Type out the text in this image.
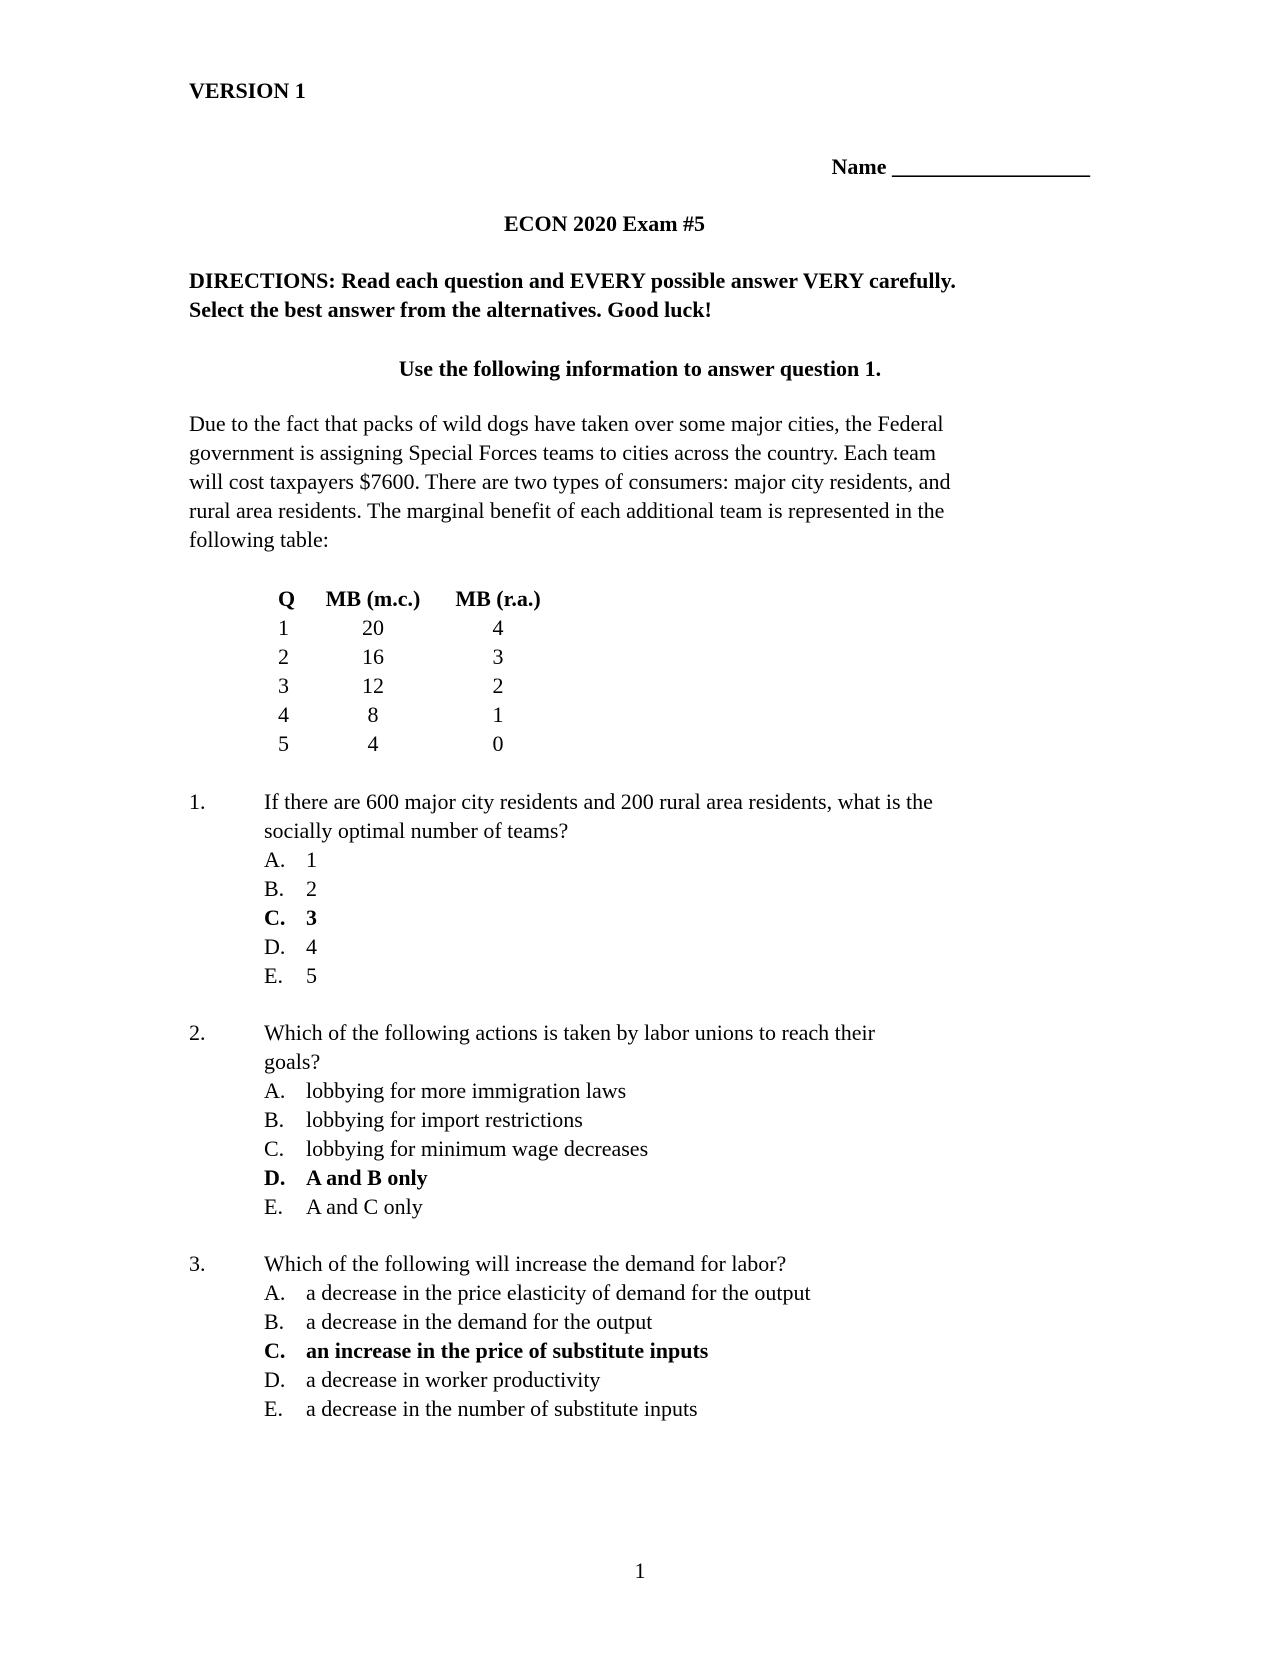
VERSION 1
Name __________________
ECON 2020 Exam #5
DIRECTIONS: Read each question and EVERY possible answer VERY carefully.
Select the best answer from the alternatives. Good luck!
Use the following information to answer question 1.
Due to the fact that packs of wild dogs have taken over some major cities, the Federal
government is assigning Special Forces teams to cities across the country. Each team
will cost taxpayers $7600. There are two types of consumers: major city residents, and
rural area residents. The marginal benefit of each additional team is represented in the
following table:
Q	MB (m.c.)	MB (r.a.)
1	20	4
2	16	3
3	12	2
4	8	1
5	4	0
1.	If there are 600 major city residents and 200 rural area residents, what is the
socially optimal number of teams?
A. 1
B. 2
C. 3
D. 4
E. 5
2.	Which of the following actions is taken by labor unions to reach their
goals?
A. lobbying for more immigration laws
B. lobbying for import restrictions
C. lobbying for minimum wage decreases
D. A and B only
E. A and C only
3.	Which of the following will increase the demand for labor?
A. a decrease in the price elasticity of demand for the output
B. a decrease in the demand for the output
C. an increase in the price of substitute inputs
D. a decrease in worker productivity
E. a decrease in the number of substitute inputs
1
